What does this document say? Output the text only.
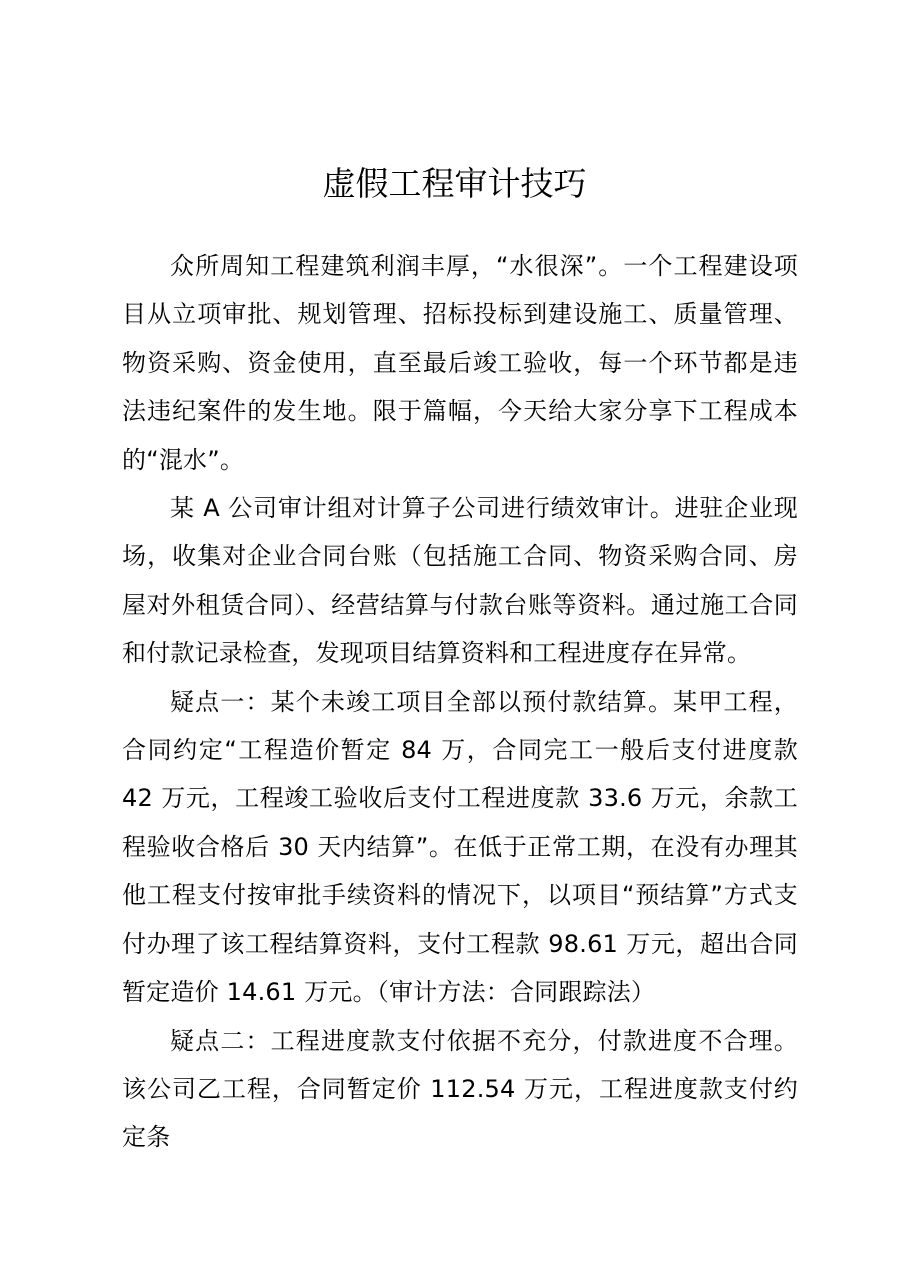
虚假工程审计技巧

众所周知工程建筑利润丰厚，“水很深”。一个工程建设项目从立项审批、规划管理、招标投标到建设施工、质量管理、物资采购、资金使用，直至最后竣工验收，每一个环节都是违法违纪案件的发生地。限于篇幅，今天给大家分享下工程成本的“混水”。

某 A 公司审计组对计算子公司进行绩效审计。进驻企业现场，收集对企业合同台账（包括施工合同、物资采购合同、房屋对外租赁合同）、经营结算与付款台账等资料。通过施工合同和付款记录检查，发现项目结算资料和工程进度存在异常。

疑点一：某个未竣工项目全部以预付款结算。某甲工程，合同约定“工程造价暂定 84 万，合同完工一般后支付进度款 42 万元，工程竣工验收后支付工程进度款 33.6 万元，余款工程验收合格后 30 天内结算”。在低于正常工期，在没有办理其他工程支付按审批手续资料的情况下，以项目“预结算”方式支付办理了该工程结算资料，支付工程款 98.61 万元，超出合同暂定造价 14.61 万元。（审计方法：合同跟踪法）

疑点二：工程进度款支付依据不充分，付款进度不合理。该公司乙工程，合同暂定价 112.54 万元，工程进度款支付约定条
